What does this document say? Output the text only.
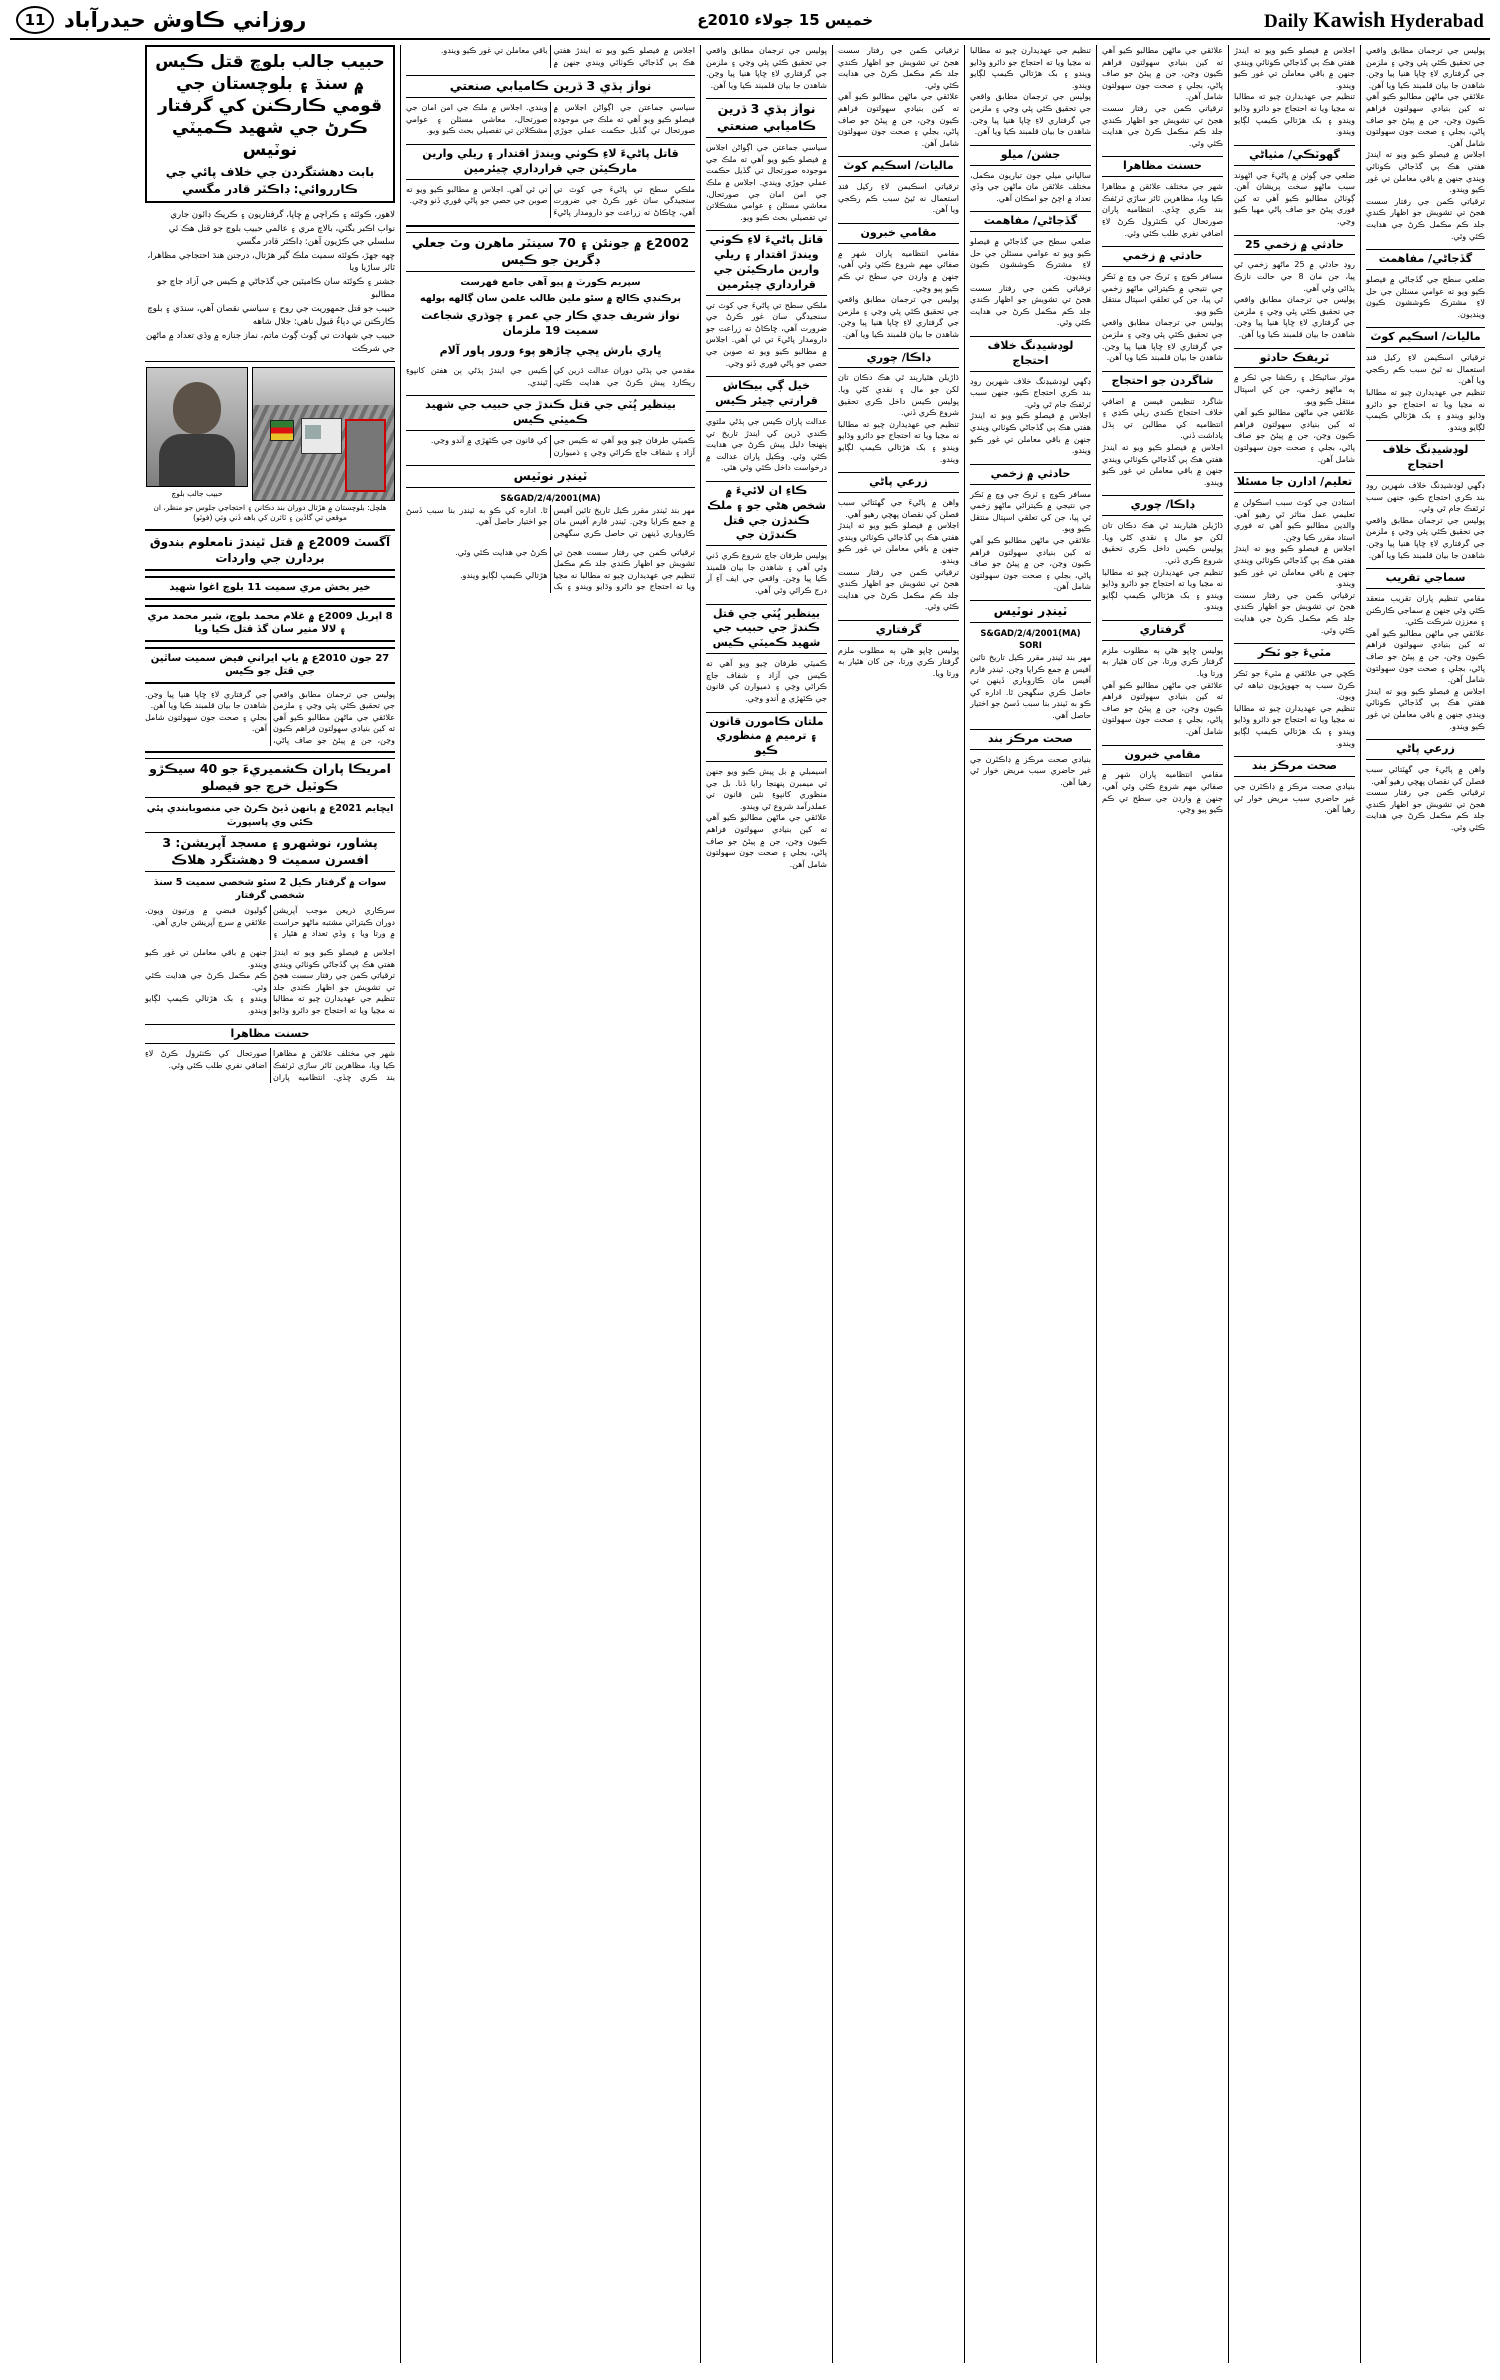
Daily Kawish Hyderabad
خميس 15 جولاء 2010ع
روزاني ڪاوش حيدرآباد
11
پوليس جي ترجمان مطابق واقعي جي تحقيق ڪئي پئي وڃي ۽ ملزمن جي گرفتاري لاءِ ڇاپا هنيا پيا وڃن. شاهدن جا بيان قلمبند ڪيا ويا آهن.
علائقي جي ماڻهن مطالبو ڪيو آهي ته کين بنيادي سهولتون فراهم ڪيون وڃن، جن ۾ پيئڻ جو صاف پاڻي، بجلي ۽ صحت جون سهولتون شامل آهن.
اجلاس ۾ فيصلو ڪيو ويو ته ايندڙ هفتي هڪ ٻي گڏجاڻي ڪوٺائي ويندي جنهن ۾ باقي معاملن تي غور ڪيو ويندو.
ترقياتي ڪمن جي رفتار سست هجڻ تي تشويش جو اظهار ڪندي جلد ڪم مڪمل ڪرڻ جي هدايت ڪئي وئي.
گڏجاڻي/ مفاهمت
ضلعي سطح جي گڏجاڻي ۾ فيصلو ڪيو ويو ته عوامي مسئلن جي حل لاءِ مشترڪ ڪوششون ڪيون وينديون.
ماليات/ اسڪيم کوٽ
ترقياتي اسڪيمن لاءِ رکيل فنڊ استعمال نه ٿيڻ سبب ڪم رڪجي ويا آهن.
تنظيم جي عهديدارن چيو ته مطالبا نه مڃيا ويا ته احتجاج جو دائرو وڌايو ويندو ۽ بک هڙتالي ڪيمپ لڳايو ويندو.
لوڊشيڊنگ خلاف احتجاج
ڊگهي لوڊشيڊنگ خلاف شهرين روڊ بند ڪري احتجاج ڪيو، جنهن سبب ٽرئفڪ جام ٿي وئي.
پوليس جي ترجمان مطابق واقعي جي تحقيق ڪئي پئي وڃي ۽ ملزمن جي گرفتاري لاءِ ڇاپا هنيا پيا وڃن. شاهدن جا بيان قلمبند ڪيا ويا آهن.
سماجي تقريب
مقامي تنظيم پاران تقريب منعقد ڪئي وئي جنهن ۾ سماجي ڪارڪنن ۽ معززن شرڪت ڪئي.
علائقي جي ماڻهن مطالبو ڪيو آهي ته کين بنيادي سهولتون فراهم ڪيون وڃن، جن ۾ پيئڻ جو صاف پاڻي، بجلي ۽ صحت جون سهولتون شامل آهن.
اجلاس ۾ فيصلو ڪيو ويو ته ايندڙ هفتي هڪ ٻي گڏجاڻي ڪوٺائي ويندي جنهن ۾ باقي معاملن تي غور ڪيو ويندو.
زرعي پاڻي
واهن ۾ پاڻيءَ جي گهٽتائي سبب فصلن کي نقصان پهچي رهيو آهي.
ترقياتي ڪمن جي رفتار سست هجڻ تي تشويش جو اظهار ڪندي جلد ڪم مڪمل ڪرڻ جي هدايت ڪئي وئي.
اجلاس ۾ فيصلو ڪيو ويو ته ايندڙ هفتي هڪ ٻي گڏجاڻي ڪوٺائي ويندي جنهن ۾ باقي معاملن تي غور ڪيو ويندو.
تنظيم جي عهديدارن چيو ته مطالبا نه مڃيا ويا ته احتجاج جو دائرو وڌايو ويندو ۽ بک هڙتالي ڪيمپ لڳايو ويندو.
گهوٽڪي/ مٺياڻي
ضلعي جي ڳوٺن ۾ پاڻيءَ جي اڻهوند سبب ماڻهو سخت پريشان آهن. ڳوٺاڻن مطالبو ڪيو آهي ته کين فوري پيئڻ جو صاف پاڻي مهيا ڪيو وڃي.
حادثي ۾ زخمي 25
روڊ حادثي ۾ 25 ماڻهو زخمي ٿي پيا، جن مان 8 جي حالت نازڪ ٻڌائي وئي آهي.
پوليس جي ترجمان مطابق واقعي جي تحقيق ڪئي پئي وڃي ۽ ملزمن جي گرفتاري لاءِ ڇاپا هنيا پيا وڃن. شاهدن جا بيان قلمبند ڪيا ويا آهن.
ٽريفڪ حادثو
موٽر سائيڪل ۽ رڪشا جي ٽڪر ۾ ٻه ماڻهو زخمي، جن کي اسپتال منتقل ڪيو ويو.
علائقي جي ماڻهن مطالبو ڪيو آهي ته کين بنيادي سهولتون فراهم ڪيون وڃن، جن ۾ پيئڻ جو صاف پاڻي، بجلي ۽ صحت جون سهولتون شامل آهن.
تعليم/ ادارن جا مسئلا
استادن جي کوٽ سبب اسڪولن ۾ تعليمي عمل متاثر ٿي رهيو آهي. والدين مطالبو ڪيو آهي ته فوري استاد مقرر ڪيا وڃن.
اجلاس ۾ فيصلو ڪيو ويو ته ايندڙ هفتي هڪ ٻي گڏجاڻي ڪوٺائي ويندي جنهن ۾ باقي معاملن تي غور ڪيو ويندو.
ترقياتي ڪمن جي رفتار سست هجڻ تي تشويش جو اظهار ڪندي جلد ڪم مڪمل ڪرڻ جي هدايت ڪئي وئي.
مٽيءَ جو ٽڪر
ڪچي جي علائقي ۾ مٽيءَ جو ٽڪر ڪرڻ سبب ٻه جهوپڙيون تباهه ٿي ويون.
تنظيم جي عهديدارن چيو ته مطالبا نه مڃيا ويا ته احتجاج جو دائرو وڌايو ويندو ۽ بک هڙتالي ڪيمپ لڳايو ويندو.
صحت مرڪز بند
بنيادي صحت مرڪز ۾ ڊاڪٽرن جي غير حاضري سبب مريض خوار ٿي رهيا آهن.
علائقي جي ماڻهن مطالبو ڪيو آهي ته کين بنيادي سهولتون فراهم ڪيون وڃن، جن ۾ پيئڻ جو صاف پاڻي، بجلي ۽ صحت جون سهولتون شامل آهن.
ترقياتي ڪمن جي رفتار سست هجڻ تي تشويش جو اظهار ڪندي جلد ڪم مڪمل ڪرڻ جي هدايت ڪئي وئي.
حسنت مظاهرا
شهر جي مختلف علائقن ۾ مظاهرا ڪيا ويا، مظاهرين ٽائر ساڙي ٽرئفڪ بند ڪري ڇڏي. انتظاميه پاران صورتحال کي ڪنٽرول ڪرڻ لاءِ اضافي نفري طلب ڪئي وئي.
حادثي ۾ زخمي
مسافر ڪوچ ۽ ٽرڪ جي وچ ۾ ٽڪر جي نتيجي ۾ ڪيترائي ماڻهو زخمي ٿي پيا، جن کي تعلقي اسپتال منتقل ڪيو ويو.
پوليس جي ترجمان مطابق واقعي جي تحقيق ڪئي پئي وڃي ۽ ملزمن جي گرفتاري لاءِ ڇاپا هنيا پيا وڃن. شاهدن جا بيان قلمبند ڪيا ويا آهن.
شاگردن جو احتجاج
شاگرد تنظيمن فيسن ۾ اضافي خلاف احتجاج ڪندي ريلي ڪڍي ۽ انتظاميه کي مطالبن تي ٻڌل ياداشت ڏني.
اجلاس ۾ فيصلو ڪيو ويو ته ايندڙ هفتي هڪ ٻي گڏجاڻي ڪوٺائي ويندي جنهن ۾ باقي معاملن تي غور ڪيو ويندو.
ڊاڪا/ چوري
ڌاڙيلن هٿياربند ٿي هڪ دڪان تان لکن جو مال ۽ نقدي کڻي ويا. پوليس ڪيس داخل ڪري تحقيق شروع ڪري ڏني.
تنظيم جي عهديدارن چيو ته مطالبا نه مڃيا ويا ته احتجاج جو دائرو وڌايو ويندو ۽ بک هڙتالي ڪيمپ لڳايو ويندو.
گرفتاري
پوليس ڇاپو هڻي ٻه مطلوب ملزم گرفتار ڪري ورتا، جن کان هٿيار به ورتا ويا.
علائقي جي ماڻهن مطالبو ڪيو آهي ته کين بنيادي سهولتون فراهم ڪيون وڃن، جن ۾ پيئڻ جو صاف پاڻي، بجلي ۽ صحت جون سهولتون شامل آهن.
مقامي خبرون
مقامي انتظاميه پاران شهر ۾ صفائي مهم شروع ڪئي وئي آهي، جنهن ۾ وارڊن جي سطح تي ڪم ڪيو پيو وڃي.
تنظيم جي عهديدارن چيو ته مطالبا نه مڃيا ويا ته احتجاج جو دائرو وڌايو ويندو ۽ بک هڙتالي ڪيمپ لڳايو ويندو.
پوليس جي ترجمان مطابق واقعي جي تحقيق ڪئي پئي وڃي ۽ ملزمن جي گرفتاري لاءِ ڇاپا هنيا پيا وڃن. شاهدن جا بيان قلمبند ڪيا ويا آهن.
جشن/ ميلو
سالياني ميلي جون تياريون مڪمل، مختلف علائقن مان ماڻهن جي وڏي تعداد ۾ اچڻ جو امڪان آهي.
گڏجاڻي/ مفاهمت
ضلعي سطح جي گڏجاڻي ۾ فيصلو ڪيو ويو ته عوامي مسئلن جي حل لاءِ مشترڪ ڪوششون ڪيون وينديون.
ترقياتي ڪمن جي رفتار سست هجڻ تي تشويش جو اظهار ڪندي جلد ڪم مڪمل ڪرڻ جي هدايت ڪئي وئي.
لوڊشيڊنگ خلاف احتجاج
ڊگهي لوڊشيڊنگ خلاف شهرين روڊ بند ڪري احتجاج ڪيو، جنهن سبب ٽرئفڪ جام ٿي وئي.
اجلاس ۾ فيصلو ڪيو ويو ته ايندڙ هفتي هڪ ٻي گڏجاڻي ڪوٺائي ويندي جنهن ۾ باقي معاملن تي غور ڪيو ويندو.
حادثي ۾ زخمي
مسافر ڪوچ ۽ ٽرڪ جي وچ ۾ ٽڪر جي نتيجي ۾ ڪيترائي ماڻهو زخمي ٿي پيا، جن کي تعلقي اسپتال منتقل ڪيو ويو.
علائقي جي ماڻهن مطالبو ڪيو آهي ته کين بنيادي سهولتون فراهم ڪيون وڃن، جن ۾ پيئڻ جو صاف پاڻي، بجلي ۽ صحت جون سهولتون شامل آهن.
ٽينڊر نوٽيس
S&GAD/2/4/2001(MA)
SORI
مهر بند ٽينڊر مقرر ڪيل تاريخ تائين آفيس ۾ جمع ڪرايا وڃن. ٽينڊر فارم آفيس مان ڪاروباري ڏينهن تي حاصل ڪري سگهجن ٿا. اداره کي ڪو به ٽينڊر بنا سبب ڏسڻ جو اختيار حاصل آهي.
صحت مرڪز بند
بنيادي صحت مرڪز ۾ ڊاڪٽرن جي غير حاضري سبب مريض خوار ٿي رهيا آهن.
ترقياتي ڪمن جي رفتار سست هجڻ تي تشويش جو اظهار ڪندي جلد ڪم مڪمل ڪرڻ جي هدايت ڪئي وئي.
علائقي جي ماڻهن مطالبو ڪيو آهي ته کين بنيادي سهولتون فراهم ڪيون وڃن، جن ۾ پيئڻ جو صاف پاڻي، بجلي ۽ صحت جون سهولتون شامل آهن.
ماليات/ اسڪيم کوٽ
ترقياتي اسڪيمن لاءِ رکيل فنڊ استعمال نه ٿيڻ سبب ڪم رڪجي ويا آهن.
مقامي خبرون
مقامي انتظاميه پاران شهر ۾ صفائي مهم شروع ڪئي وئي آهي، جنهن ۾ وارڊن جي سطح تي ڪم ڪيو پيو وڃي.
پوليس جي ترجمان مطابق واقعي جي تحقيق ڪئي پئي وڃي ۽ ملزمن جي گرفتاري لاءِ ڇاپا هنيا پيا وڃن. شاهدن جا بيان قلمبند ڪيا ويا آهن.
ڊاڪا/ چوري
ڌاڙيلن هٿياربند ٿي هڪ دڪان تان لکن جو مال ۽ نقدي کڻي ويا. پوليس ڪيس داخل ڪري تحقيق شروع ڪري ڏني.
تنظيم جي عهديدارن چيو ته مطالبا نه مڃيا ويا ته احتجاج جو دائرو وڌايو ويندو ۽ بک هڙتالي ڪيمپ لڳايو ويندو.
زرعي پاڻي
واهن ۾ پاڻيءَ جي گهٽتائي سبب فصلن کي نقصان پهچي رهيو آهي.
اجلاس ۾ فيصلو ڪيو ويو ته ايندڙ هفتي هڪ ٻي گڏجاڻي ڪوٺائي ويندي جنهن ۾ باقي معاملن تي غور ڪيو ويندو.
ترقياتي ڪمن جي رفتار سست هجڻ تي تشويش جو اظهار ڪندي جلد ڪم مڪمل ڪرڻ جي هدايت ڪئي وئي.
گرفتاري
پوليس ڇاپو هڻي ٻه مطلوب ملزم گرفتار ڪري ورتا، جن کان هٿيار به ورتا ويا.
پوليس جي ترجمان مطابق واقعي جي تحقيق ڪئي پئي وڃي ۽ ملزمن جي گرفتاري لاءِ ڇاپا هنيا پيا وڃن. شاهدن جا بيان قلمبند ڪيا ويا آهن.
نواز ٻڌي 3 ڌرين ڪاميابي صنعتي
سياسي جماعتن جي اڳواڻن اجلاس ۾ فيصلو ڪيو ويو آهي ته ملڪ جي موجوده صورتحال تي گڏيل حڪمت عملي جوڙي ويندي. اجلاس ۾ ملڪ جي امن امان جي صورتحال، معاشي مسئلن ۽ عوامي مشڪلاتن تي تفصيلي بحث ڪيو ويو.
قاتل پاڻيءَ لاءِ ڪوٺي ويندڙ اقتدار ۽ ريلي وارين مارڪيٽن جي قرارداري چيئرمين
ملڪي سطح تي پاڻيءَ جي کوٽ تي سنجيدگي سان غور ڪرڻ جي ضرورت آهي، ڇاڪاڻ ته زراعت جو دارومدار پاڻيءَ تي ئي آهي. اجلاس ۾ مطالبو ڪيو ويو ته صوبن جي حصي جو پاڻي فوري ڏنو وڃي.
خيل ڳي بيڪاش قرارتي چيئر ڪيس
عدالت پاران ڪيس جي ٻڌڻي ملتوي ڪندي ڌرين کي ايندڙ تاريخ تي پنهنجا دليل پيش ڪرڻ جي هدايت ڪئي وئي. وڪيل پاران عدالت ۾ درخواست داخل ڪئي وئي هئي.
ڪاءِ ان لائيءَ ۾ شخص هڻي جو ۽ ملڪ ڪندڙن جي قتل ڪندڙن جي
پوليس طرفان جاچ شروع ڪري ڏني وئي آهي ۽ شاهدن جا بيان قلمبند ڪيا پيا وڃن. واقعي جي ايف آءِ آر درج ڪرائي وئي آهي.
بينظير ڀُٽي جي قتل ڪندڙ جي حبيب جي شهيد ڪميٽي ڪيس
ڪميٽي طرفان چيو ويو آهي ته ڪيس جي آزاد ۽ شفاف جاچ ڪرائي وڃي ۽ ذميوارن کي قانون جي ڪٽهڙي ۾ آندو وڃي.
ملتان ڪامورن قانون ۽ ترميم ۾ منظوري ڪيو
اسيمبلي ۾ بل پيش ڪيو ويو جنهن تي ميمبرن پنهنجا رايا ڏنا. بل جي منظوري کانپوءِ نئين قانون تي عملدرآمد شروع ٿي ويندو.
علائقي جي ماڻهن مطالبو ڪيو آهي ته کين بنيادي سهولتون فراهم ڪيون وڃن، جن ۾ پيئڻ جو صاف پاڻي، بجلي ۽ صحت جون سهولتون شامل آهن.
اجلاس ۾ فيصلو ڪيو ويو ته ايندڙ هفتي هڪ ٻي گڏجاڻي ڪوٺائي ويندي جنهن ۾ باقي معاملن تي غور ڪيو ويندو.
نواز ٻڌي 3 ڌرين ڪاميابي صنعتي
سياسي جماعتن جي اڳواڻن اجلاس ۾ فيصلو ڪيو ويو آهي ته ملڪ جي موجوده صورتحال تي گڏيل حڪمت عملي جوڙي ويندي. اجلاس ۾ ملڪ جي امن امان جي صورتحال، معاشي مسئلن ۽ عوامي مشڪلاتن تي تفصيلي بحث ڪيو ويو.
قاتل پاڻيءَ لاءِ ڪوٺي ويندڙ اقتدار ۽ ريلي وارين مارڪيٽن جي قرارداري چيئرمين
ملڪي سطح تي پاڻيءَ جي کوٽ تي سنجيدگي سان غور ڪرڻ جي ضرورت آهي، ڇاڪاڻ ته زراعت جو دارومدار پاڻيءَ تي ئي آهي. اجلاس ۾ مطالبو ڪيو ويو ته صوبن جي حصي جو پاڻي فوري ڏنو وڃي.
2002ع ۾ جونئن ۽ 70 سينٽر ماهرن وٽ جعلي ڊگرين جو ڪيس
سپريم ڪورٽ ۾ پيو آهي جامع فهرست
ٻرڪنڊي ڪالج ۾ سئو ملين طالب علمن سان ڳالهه ٻولهه
نواز شريف جدي ڪار جي عمر ۽ چوڌري شجاعت سميت 19 ملزمان
ڀاري بارش ڀڃي چاڙهو پوء ورور پاور آلام
مقدمي جي ٻڌڻي دوران عدالت ڌرين کي ريڪارڊ پيش ڪرڻ جي هدايت ڪئي. ڪيس جي ايندڙ ٻڌڻي ٻن هفتن کانپوءِ ٿيندي.
بينظير ڀُٽي جي قتل ڪندڙ جي حبيب جي شهيد ڪميٽي ڪيس
ڪميٽي طرفان چيو ويو آهي ته ڪيس جي آزاد ۽ شفاف جاچ ڪرائي وڃي ۽ ذميوارن کي قانون جي ڪٽهڙي ۾ آندو وڃي.
ٽينڊر نوٽيس
S&GAD/2/4/2001(MA)
مهر بند ٽينڊر مقرر ڪيل تاريخ تائين آفيس ۾ جمع ڪرايا وڃن. ٽينڊر فارم آفيس مان ڪاروباري ڏينهن تي حاصل ڪري سگهجن ٿا. اداره کي ڪو به ٽينڊر بنا سبب ڏسڻ جو اختيار حاصل آهي.
ترقياتي ڪمن جي رفتار سست هجڻ تي تشويش جو اظهار ڪندي جلد ڪم مڪمل ڪرڻ جي هدايت ڪئي وئي.
تنظيم جي عهديدارن چيو ته مطالبا نه مڃيا ويا ته احتجاج جو دائرو وڌايو ويندو ۽ بک هڙتالي ڪيمپ لڳايو ويندو.
حبيب جالب بلوچ قتل ڪيس ۾ سنڌ ۽ بلوچستان جي قومي ڪارڪنن کي گرفتار ڪرڻ جي شهيد ڪميٽي نوٽيس
بابت دهشتگردن جي خلاف پائي جي ڪارروائي: ڊاڪٽر قادر مگسي
لاهور، ڪوئٽه ۽ ڪراچي ۾ ڇاپا، گرفتاريون ۽ ڪريڪ ڊائون جاري
نواب اڪبر بگٽي، بالاچ مري ۽ عالمي حبيب بلوچ جو قتل هڪ ئي سلسلي جي ڪڙيون آهن: ڊاڪٽر قادر مگسي
ڇهه جهڙ، ڪوئٽه سميت ملڪ گير هڙتال، درجنن هنڌ احتجاجي مظاهرا، ٽائر ساڙيا ويا
جشنر ۽ ڪوئٽه سان ڪاميٽين جي گڏجاڻي ۾ ڪيس جي آزاد جاچ جو مطالبو
حبيب جو قتل جمهوريت جي روح ۽ سياسي نقصان آهي، سنڌي ۽ بلوچ ڪارڪنن تي دٻاءُ قبول ناهي: جلال شاهه
حبيب جي شهادت تي ڳوٺ ڳوٺ ماتم، نماز جنازه ۾ وڏي تعداد ۾ ماڻهن جي شرڪت
حبيب جالب بلوچ
هلچل: بلوچستان ۾ هڙتال دوران بند دڪانن ۽ احتجاجي جلوس جو منظر، ان موقعي تي گاڏين ۽ ٽائرن کي باهه ڏني وئي (فوٽو)
آگسٽ 2009ع ۾ قتل ٿيندڙ نامعلوم بندوق بردارن جي واردات
خير بخش مري سميت 11 بلوچ اغوا شهيد
8 اپريل 2009ع ۾ غلام محمد بلوچ، شير محمد مري ۽ لالا منير سان گڏ قتل ڪيا ويا
27 جون 2010ع ۾ ياپ ايراني فيض سميت ساٿين جي قتل جو ڪيس
پوليس جي ترجمان مطابق واقعي جي تحقيق ڪئي پئي وڃي ۽ ملزمن جي گرفتاري لاءِ ڇاپا هنيا پيا وڃن. شاهدن جا بيان قلمبند ڪيا ويا آهن.
علائقي جي ماڻهن مطالبو ڪيو آهي ته کين بنيادي سهولتون فراهم ڪيون وڃن، جن ۾ پيئڻ جو صاف پاڻي، بجلي ۽ صحت جون سهولتون شامل آهن.
امريڪا پاران ڪشميريءَ جو 40 سيڪڙو ڪوٽيل خرچ جو فيصلو
ايڇايم 2021ع ۾ ٻانهن ڏيڻ ڪرڻ جي منصوبابندي پئي ڪئي وي پاسپورٽ
پشاور، نوشهرو ۽ مسجد آپريشن: 3 افسرن سميت 9 دهشتگرد هلاڪ
سوات ۾ گرفتار ڪيل 2 سئو شخصي سميت 5 سنڌ شخصي گرفتار
سرڪاري ذريعن موجب آپريشن دوران ڪيترائي مشتبه ماڻهو حراست ۾ ورتا ويا ۽ وڏي تعداد ۾ هٿيار ۽ گوليون قبضي ۾ ورتيون ويون. علائقي ۾ سرچ آپريشن جاري آهي.
اجلاس ۾ فيصلو ڪيو ويو ته ايندڙ هفتي هڪ ٻي گڏجاڻي ڪوٺائي ويندي جنهن ۾ باقي معاملن تي غور ڪيو ويندو.
ترقياتي ڪمن جي رفتار سست هجڻ تي تشويش جو اظهار ڪندي جلد ڪم مڪمل ڪرڻ جي هدايت ڪئي وئي.
تنظيم جي عهديدارن چيو ته مطالبا نه مڃيا ويا ته احتجاج جو دائرو وڌايو ويندو ۽ بک هڙتالي ڪيمپ لڳايو ويندو.
حسنت مظاهرا
شهر جي مختلف علائقن ۾ مظاهرا ڪيا ويا، مظاهرين ٽائر ساڙي ٽرئفڪ بند ڪري ڇڏي. انتظاميه پاران صورتحال کي ڪنٽرول ڪرڻ لاءِ اضافي نفري طلب ڪئي وئي.
